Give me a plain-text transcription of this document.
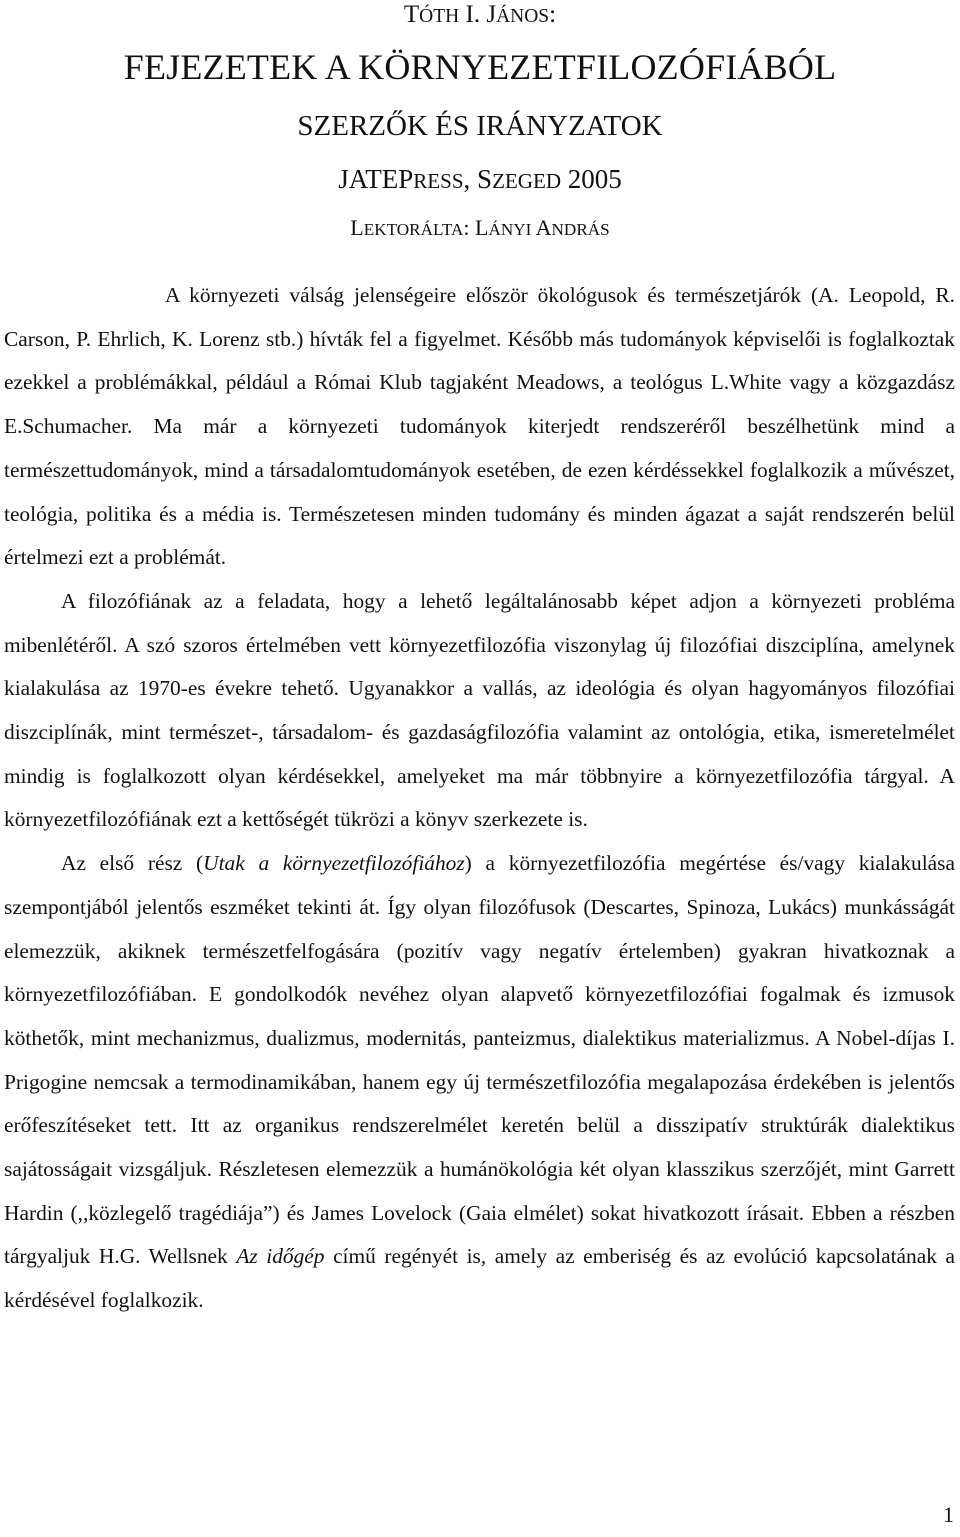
TÓTH I. JÁNOS:
FEJEZETEK A KÖRNYEZETFILOZÓFIÁBÓL
SZERZŐK ÉS IRÁNYZATOK
JATEPRESS, SZEGED 2005
LEKTORÁLTA: LÁNYI ANDRÁS

A környezeti válság jelenségeire először ökológusok és természetjárók (A. Leopold, R. Carson, P. Ehrlich, K. Lorenz stb.) hívták fel a figyelmet. Később más tudományok képviselői is foglalkoztak ezekkel a problémákkal, például a Római Klub tagjaként Meadows, a teológus L.White vagy a közgazdász E.Schumacher. Ma már a környezeti tudományok kiterjedt rendszeréről beszélhetünk mind a természettudományok, mind a társadalomtudományok esetében, de ezen kérdéssekkel foglalkozik a művészet, teológia, politika és a média is. Természetesen minden tudomány és minden ágazat a saját rendszerén belül értelmezi ezt a problémát.

A filozófiának az a feladata, hogy a lehető legáltalánosabb képet adjon a környezeti probléma mibenlétéről. A szó szoros értelmében vett környezetfilozófia viszonylag új filozófiai diszciplína, amelynek kialakulása az 1970-es évekre tehető. Ugyanakkor a vallás, az ideológia és olyan hagyományos filozófiai diszciplínák, mint természet-, társadalom- és gazdaságfilozófia valamint az ontológia, etika, ismeretelmélet mindig is foglalkozott olyan kérdésekkel, amelyeket ma már többnyire a környezetfilozófia tárgyal. A környezetfilozófiának ezt a kettőségét tükrözi a könyv szerkezete is.

Az első rész (Utak a környezetfilozófiához) a környezetfilozófia megértése és/vagy kialakulása szempontjából jelentős eszméket tekinti át. Így olyan filozófusok (Descartes, Spinoza, Lukács) munkásságát elemezzük, akiknek természetfelfogására (pozitív vagy negatív értelemben) gyakran hivatkoznak a környezetfilozófiában. E gondolkodók nevéhez olyan alapvető környezetfilozófiai fogalmak és izmusok köthetők, mint mechanizmus, dualizmus, modernitás, panteizmus, dialektikus materializmus. A Nobel-díjas I. Prigogine nemcsak a termodinamikában, hanem egy új természetfilozófia megalapozása érdekében is jelentős erőfeszítéseket tett. Itt az organikus rendszerelmélet keretén belül a disszipatív struktúrák dialektikus sajátosságait vizsgáljuk. Részletesen elemezzük a humánökológia két olyan klasszikus szerzőjét, mint Garrett Hardin (,,közlegelő tragédiája”) és James Lovelock (Gaia elmélet) sokat hivatkozott írásait. Ebben a részben tárgyaljuk H.G. Wellsnek Az időgép című regényét is, amely az emberiség és az evolúció kapcsolatának a kérdésével foglalkozik.

1
